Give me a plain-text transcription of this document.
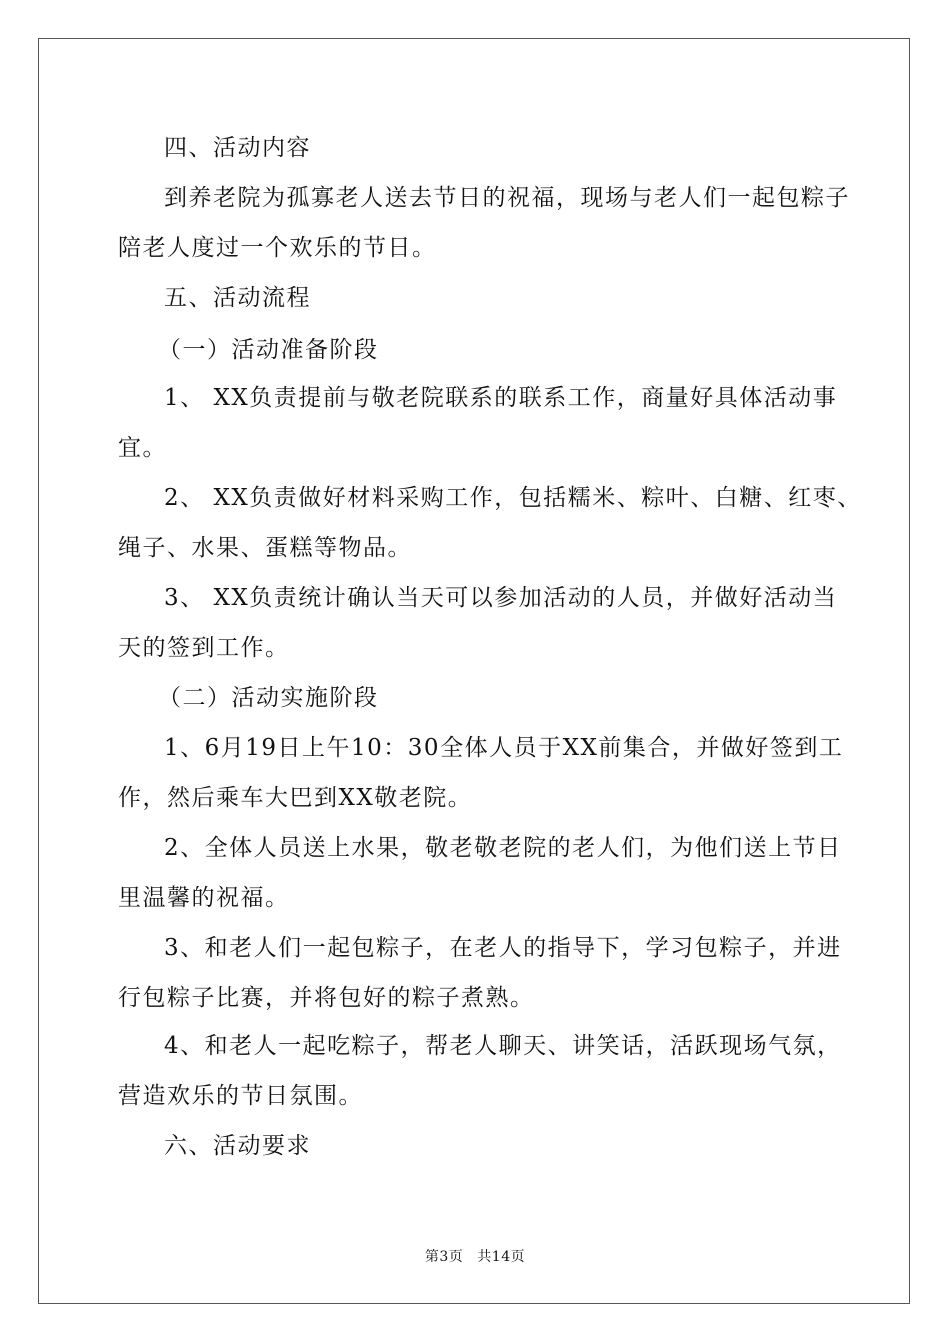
四、活动内容
到养老院为孤寡老人送去节日的祝福，现场与老人们一起包粽子
陪老人度过一个欢乐的节日。
五、活动流程
（一）活动准备阶段
1、 XX负责提前与敬老院联系的联系工作，商量好具体活动事
宜。
2、 XX负责做好材料采购工作，包括糯米、粽叶、白糖、红枣、
绳子、水果、蛋糕等物品。
3、 XX负责统计确认当天可以参加活动的人员，并做好活动当
天的签到工作。
（二）活动实施阶段
1、6月19日上午10：30全体人员于XX前集合，并做好签到工
作，然后乘车大巴到XX敬老院。
2、全体人员送上水果，敬老敬老院的老人们，为他们送上节日
里温馨的祝福。
3、和老人们一起包粽子，在老人的指导下，学习包粽子，并进
行包粽子比赛，并将包好的粽子煮熟。
4、和老人一起吃粽子，帮老人聊天、讲笑话，活跃现场气氛，
营造欢乐的节日氛围。
六、活动要求
第3页 共14页
